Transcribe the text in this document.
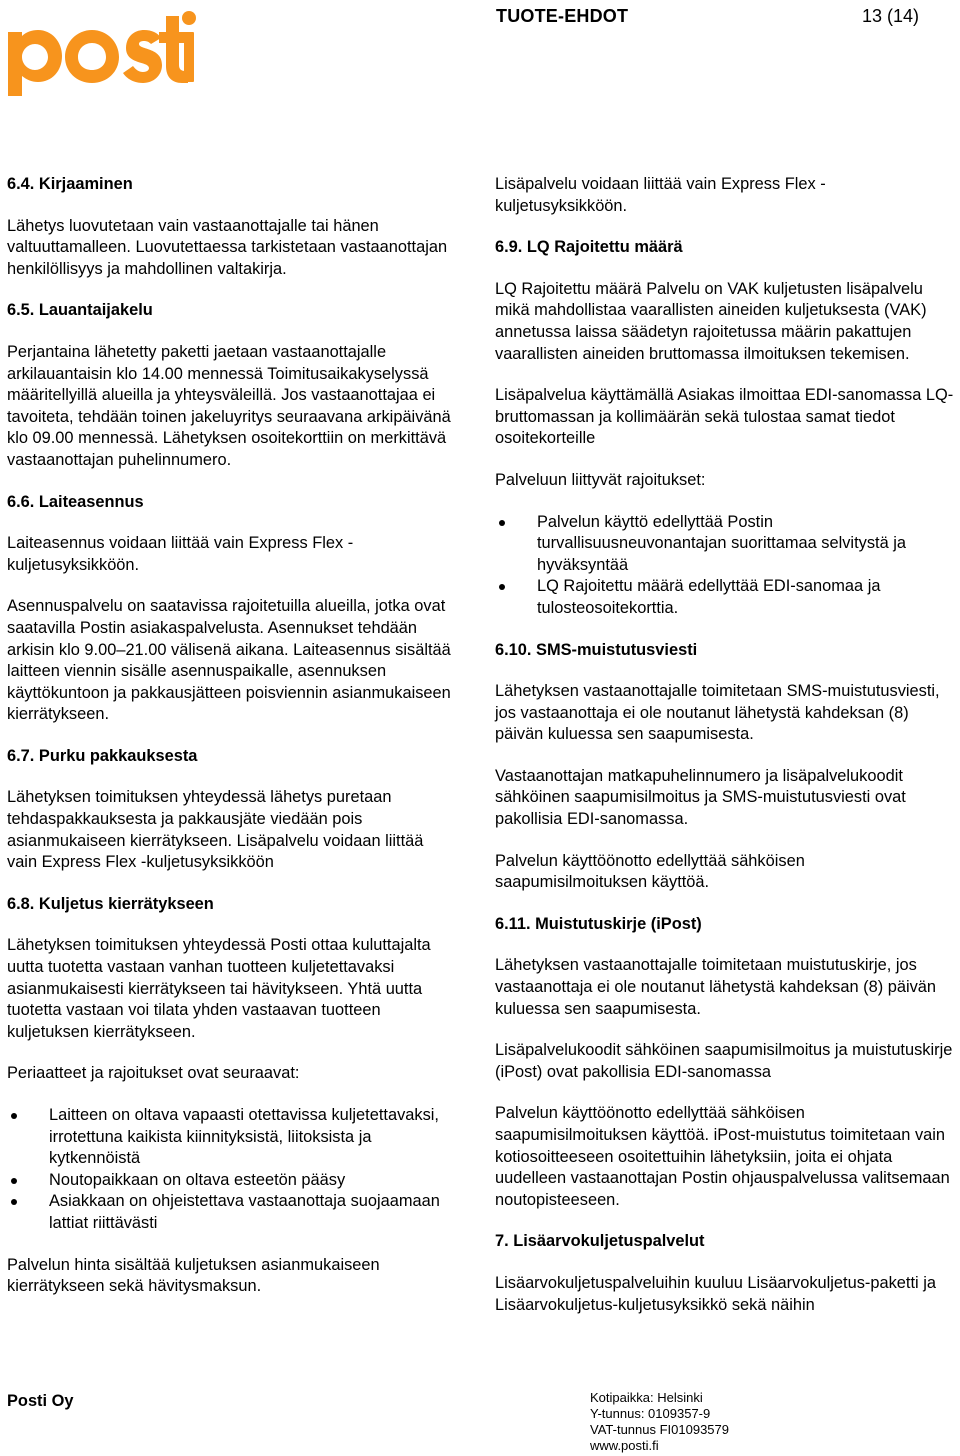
TUOTE-EHDOT	13 (14)
6.4. Kirjaaminen

Lähetys luovutetaan vain vastaanottajalle tai hänen valtuuttamalleen. Luovutettaessa tarkistetaan vastaanottajan henkilöllisyys ja mahdollinen valtakirja.

6.5. Lauantaijakelu

Perjantaina lähetetty paketti jaetaan vastaanottajalle arkilauantaisin klo 14.00 mennessä Toimitusaikakyselyssä määritellyillä alueilla ja yhteysväleillä. Jos vastaanottajaa ei tavoiteta, tehdään toinen jakeluyritys seuraavana arkipäivänä klo 09.00 mennessä. Lähetyksen osoitekorttiin on merkittävä vastaanottajan puhelinnumero.

6.6. Laiteasennus

Laiteasennus voidaan liittää vain Express Flex -kuljetusyksikköön.

Asennuspalvelu on saatavissa rajoitetuilla alueilla, jotka ovat saatavilla Postin asiakaspalvelusta. Asennukset tehdään arkisin klo 9.00–21.00 välisenä aikana. Laiteasennus sisältää laitteen viennin sisälle asennuspaikalle, asennuksen käyttökuntoon ja pakkausjätteen poisviennin asianmukaiseen kierrätykseen.

6.7. Purku pakkauksesta

Lähetyksen toimituksen yhteydessä lähetys puretaan tehdaspakkauksesta ja pakkausjäte viedään pois asianmukaiseen kierrätykseen. Lisäpalvelu voidaan liittää vain Express Flex -kuljetusyksikköön

6.8. Kuljetus kierrätykseen

Lähetyksen toimituksen yhteydessä Posti ottaa kuluttajalta uutta tuotetta vastaan vanhan tuotteen kuljetettavaksi asianmukaisesti kierrätykseen tai hävitykseen. Yhtä uutta tuotetta vastaan voi tilata yhden vastaavan tuotteen kuljetuksen kierrätykseen.

Periaatteet ja rajoitukset ovat seuraavat:

Laitteen on oltava vapaasti otettavissa kuljetettavaksi, irrotettuna kaikista kiinnityksistä, liitoksista ja kytkennöistä
Noutopaikkaan on oltava esteetön pääsy
Asiakkaan on ohjeistettava vastaanottaja suojaamaan lattiat riittävästi

Palvelun hinta sisältää kuljetuksen asianmukaiseen kierrätykseen sekä hävitysmaksun.

Lisäpalvelu voidaan liittää vain Express Flex -kuljetusyksikköön.

6.9. LQ Rajoitettu määrä

LQ Rajoitettu määrä Palvelu on VAK kuljetusten lisäpalvelu mikä mahdollistaa vaarallisten aineiden kuljetuksesta (VAK) annetussa laissa säädetyn rajoitetussa määrin pakattujen vaarallisten aineiden bruttomassa ilmoituksen tekemisen.

Lisäpalvelua käyttämällä Asiakas ilmoittaa EDI-sanomassa LQ-bruttomassan ja kollimäärän sekä tulostaa samat tiedot osoitekorteille

Palveluun liittyvät rajoitukset:

Palvelun käyttö edellyttää Postin turvallisuusneuvonantajan suorittamaa selvitystä ja hyväksyntää
LQ Rajoitettu määrä edellyttää EDI-sanomaa ja tulosteosoitekorttia.
6.10. SMS-muistutusviesti

Lähetyksen vastaanottajalle toimitetaan SMS-muistutusviesti, jos vastaanottaja ei ole noutanut lähetystä kahdeksan (8) päivän kuluessa sen saapumisesta.

Vastaanottajan matkapuhelinnumero ja lisäpalvelukoodit sähköinen saapumisilmoitus ja SMS-muistutusviesti ovat pakollisia EDI-sanomassa.

Palvelun käyttöönotto edellyttää sähköisen saapumisilmoituksen käyttöä.

6.11. Muistutuskirje (iPost)

Lähetyksen vastaanottajalle toimitetaan muistutuskirje, jos vastaanottaja ei ole noutanut lähetystä kahdeksan (8) päivän kuluessa sen saapumisesta.

Lisäpalvelukoodit sähköinen saapumisilmoitus ja muistutuskirje (iPost) ovat pakollisia EDI-sanomassa

Palvelun käyttöönotto edellyttää sähköisen saapumisilmoituksen käyttöä. iPost-muistutus toimitetaan vain kotiosoitteeseen osoitettuihin lähetyksiin, joita ei ohjata uudelleen vastaanottajan Postin ohjauspalvelussa valitsemaan noutopisteeseen.

7. Lisäarvokuljetuspalvelut

Lisäarvokuljetuspalveluihin kuuluu Lisäarvokuljetus-paketti ja Lisäarvokuljetus-kuljetusyksikkö sekä näihin

Posti Oy	Kotipaikka: Helsinki
Y-tunnus: 0109357-9
VAT-tunnus FI01093579
www.posti.fi
